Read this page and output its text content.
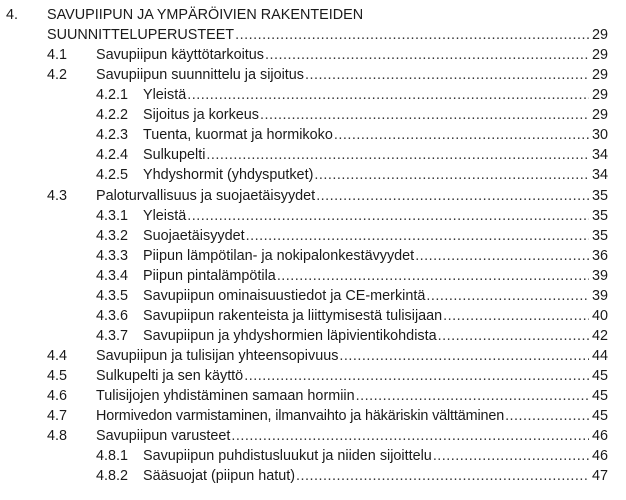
4. SAVUPIIPUN JA YMPÄRÖIVIEN RAKENTEIDEN
SUUNNITTELUPERUSTEET .....	29
4.1 Savupiipun käyttötarkoitus .....	29
4.2 Savupiipun suunnittelu ja sijoitus .....	29
4.2.1 Yleistä .....	29
4.2.2 Sijoitus ja korkeus .....	29
4.2.3 Tuenta, kuormat ja hormikoko .....	30
4.2.4 Sulkupelti .....	34
4.2.5 Yhdyshormit (yhdysputket) .....	34
4.3 Paloturvallisuus ja suojaetäisyydet .....	35
4.3.1 Yleistä .....	35
4.3.2 Suojaetäisyydet .....	35
4.3.3 Piipun lämpötilan- ja nokipalonkestävyydet .....	36
4.3.4 Piipun pintalämpötila .....	39
4.3.5 Savupiipun ominaisuustiedot ja CE-merkintä .....	39
4.3.6 Savupiipun rakenteista ja liittymisestä tulisijaan .....	40
4.3.7 Savupiipun ja yhdyshormien läpivientikohdista .....	42
4.4 Savupiipun ja tulisijan yhteensopivuus .....	44
4.5 Sulkupelti ja sen käyttö .....	45
4.6 Tulisijojen yhdistäminen samaan hormiin .....	45
4.7 Hormivedon varmistaminen, ilmanvaihto ja häkäriskin välttäminen .....	45
4.8 Savupiipun varusteet .....	46
4.8.1 Savupiipun puhdistusluukut ja niiden sijoittelu .....	46
4.8.2 Sääsuojat (piipun hatut) .....	47
